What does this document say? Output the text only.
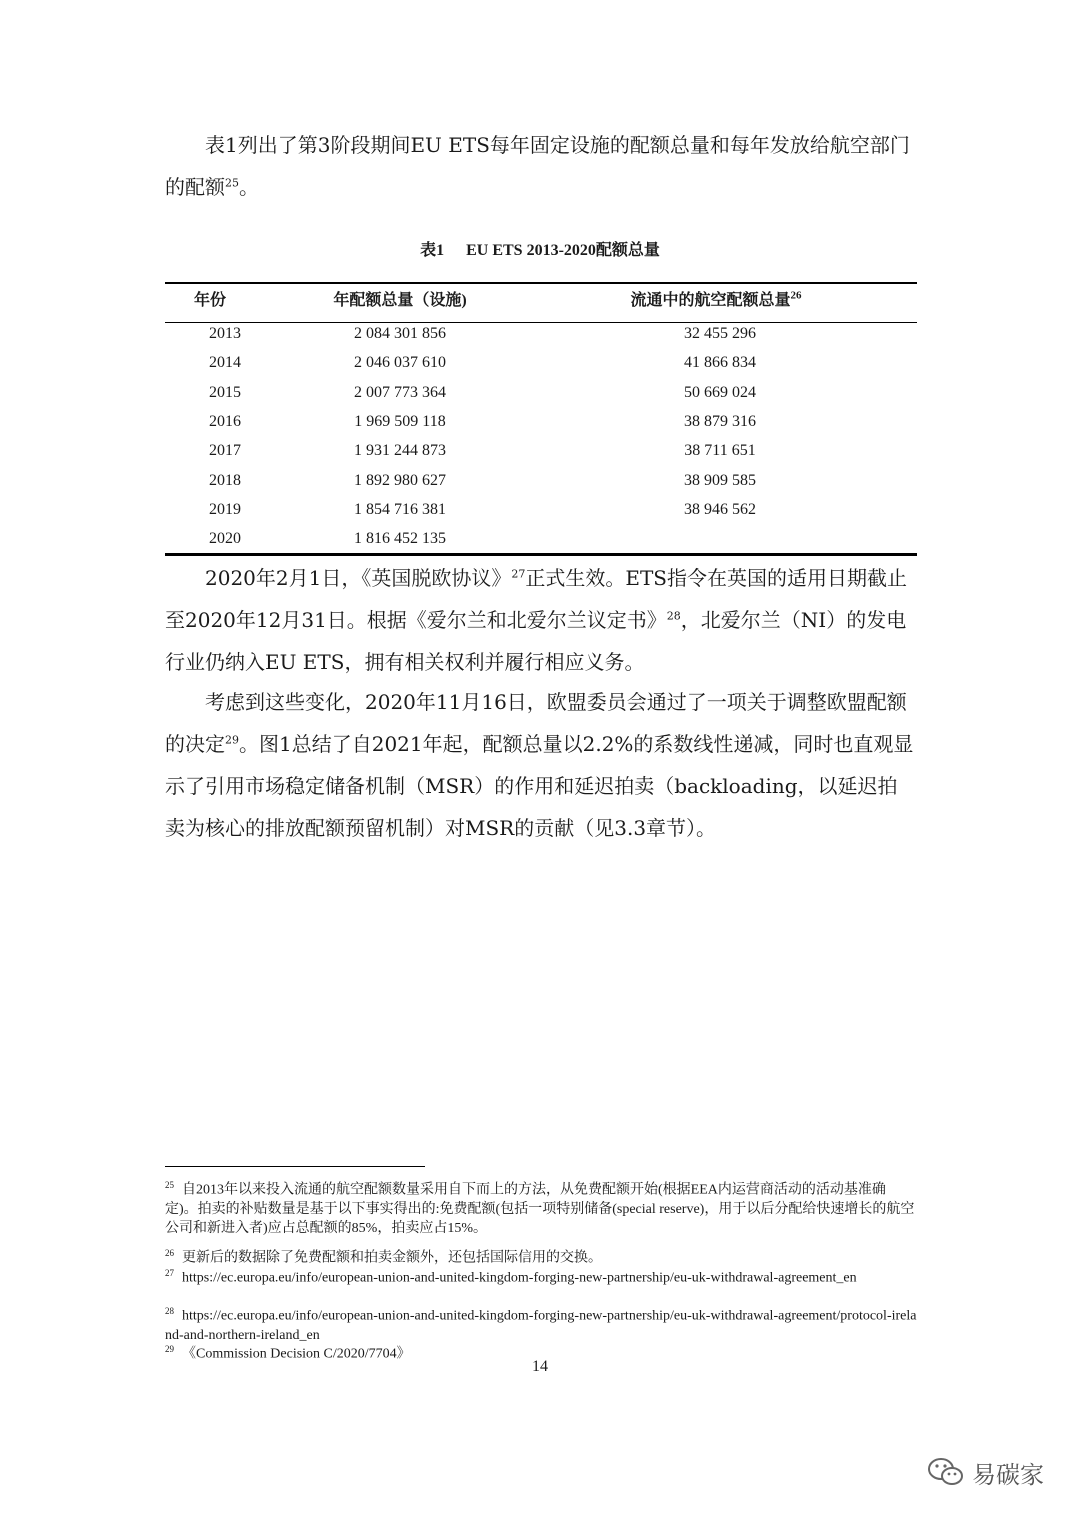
表1列出了第3阶段期间EU ETS每年固定设施的配额总量和每年发放给航空部门的配额$^{25}$。

表1 EU ETS 2013-2020配额总量
年份	年配额总量（设施)	流通中的航空配额总量$^{26}$
2013	2 084 301 856	32 455 296
2014	2 046 037 610	41 866 834
2015	2 007 773 364	50 669 024
2016	1 969 509 118	38 879 316
2017	1 931 244 873	38 711 651
2018	1 892 980 627	38 909 585
2019	1 854 716 381	38 946 562
2020	1 816 452 135

2020年2月1日，《英国脱欧协议》$^{27}$正式生效。ETS指令在英国的适用日期截止至2020年12月31日。根据《爱尔兰和北爱尔兰议定书》$^{28}$，北爱尔兰（NI）的发电行业仍纳入EU ETS，拥有相关权利并履行相应义务。

考虑到这些变化，2020年11月16日，欧盟委员会通过了一项关于调整欧盟配额的决定$^{29}$。图1总结了自2021年起，配额总量以2.2%的系数线性递减，同时也直观显示了引用市场稳定储备机制（MSR）的作用和延迟拍卖（backloading，以延迟拍卖为核心的排放配额预留机制）对MSR的贡献（见3.3章节）。

$^{25}$ 自2013年以来投入流通的航空配额数量采用自下而上的方法，从免费配额开始(根据EEA内运营商活动的活动基准确定)。拍卖的补贴数量是基于以下事实得出的:免费配额(包括一项特别储备(special reserve)，用于以后分配给快速增长的航空公司和新进入者)应占总配额的85%，拍卖应占15%。

$^{26}$ 更新后的数据除了免费配额和拍卖金额外，还包括国际信用的交换。

$^{27}$ https://ec.europa.eu/info/european-union-and-united-kingdom-forging-new-partnership/eu-uk-withdrawal-agreement_en

$^{28}$ https://ec.europa.eu/info/european-union-and-united-kingdom-forging-new-partnership/eu-uk-withdrawal-agreement/protocol-ireland-and-northern-ireland_en

$^{29}$ 《Commission Decision C/2020/7704》

14
易碳家
